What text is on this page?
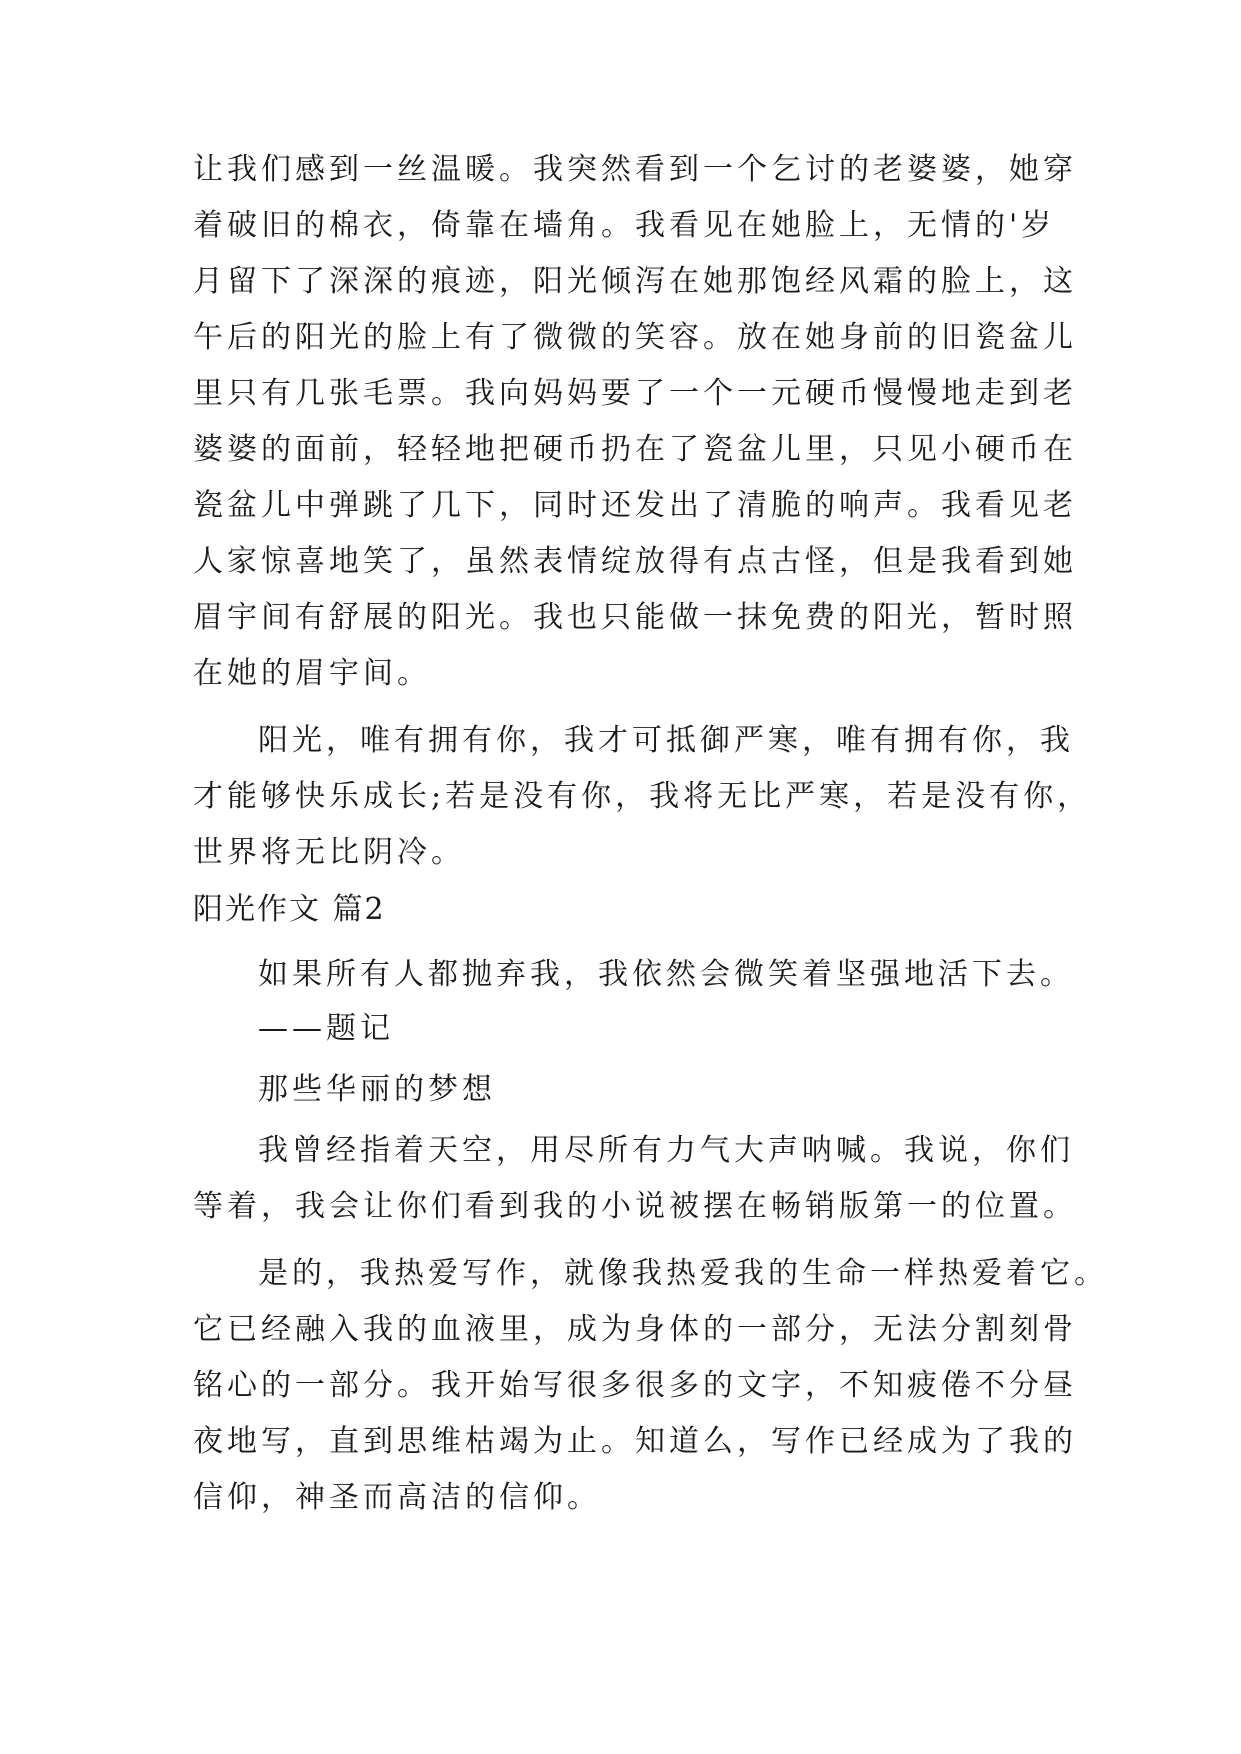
让我们感到一丝温暖。我突然看到一个乞讨的老婆婆，她穿

着破旧的棉衣，倚靠在墙角。我看见在她脸上，无情的'岁

月留下了深深的痕迹，阳光倾泻在她那饱经风霜的脸上，这

午后的阳光的脸上有了微微的笑容。放在她身前的旧瓷盆儿

里只有几张毛票。我向妈妈要了一个一元硬币慢慢地走到老

婆婆的面前，轻轻地把硬币扔在了瓷盆儿里，只见小硬币在

瓷盆儿中弹跳了几下，同时还发出了清脆的响声。我看见老

人家惊喜地笑了，虽然表情绽放得有点古怪，但是我看到她

眉宇间有舒展的阳光。我也只能做一抹免费的阳光，暂时照

在她的眉宇间。

阳光，唯有拥有你，我才可抵御严寒，唯有拥有你，我

才能够快乐成长;若是没有你，我将无比严寒，若是没有你，

世界将无比阴冷。

阳光作文 篇2

如果所有人都抛弃我，我依然会微笑着坚强地活下去。

——题记

那些华丽的梦想

我曾经指着天空，用尽所有力气大声呐喊。我说，你们

等着，我会让你们看到我的小说被摆在畅销版第一的位置。

是的，我热爱写作，就像我热爱我的生命一样热爱着它。

它已经融入我的血液里，成为身体的一部分，无法分割刻骨

铭心的一部分。我开始写很多很多的文字，不知疲倦不分昼

夜地写，直到思维枯竭为止。知道么，写作已经成为了我的

信仰，神圣而高洁的信仰。
